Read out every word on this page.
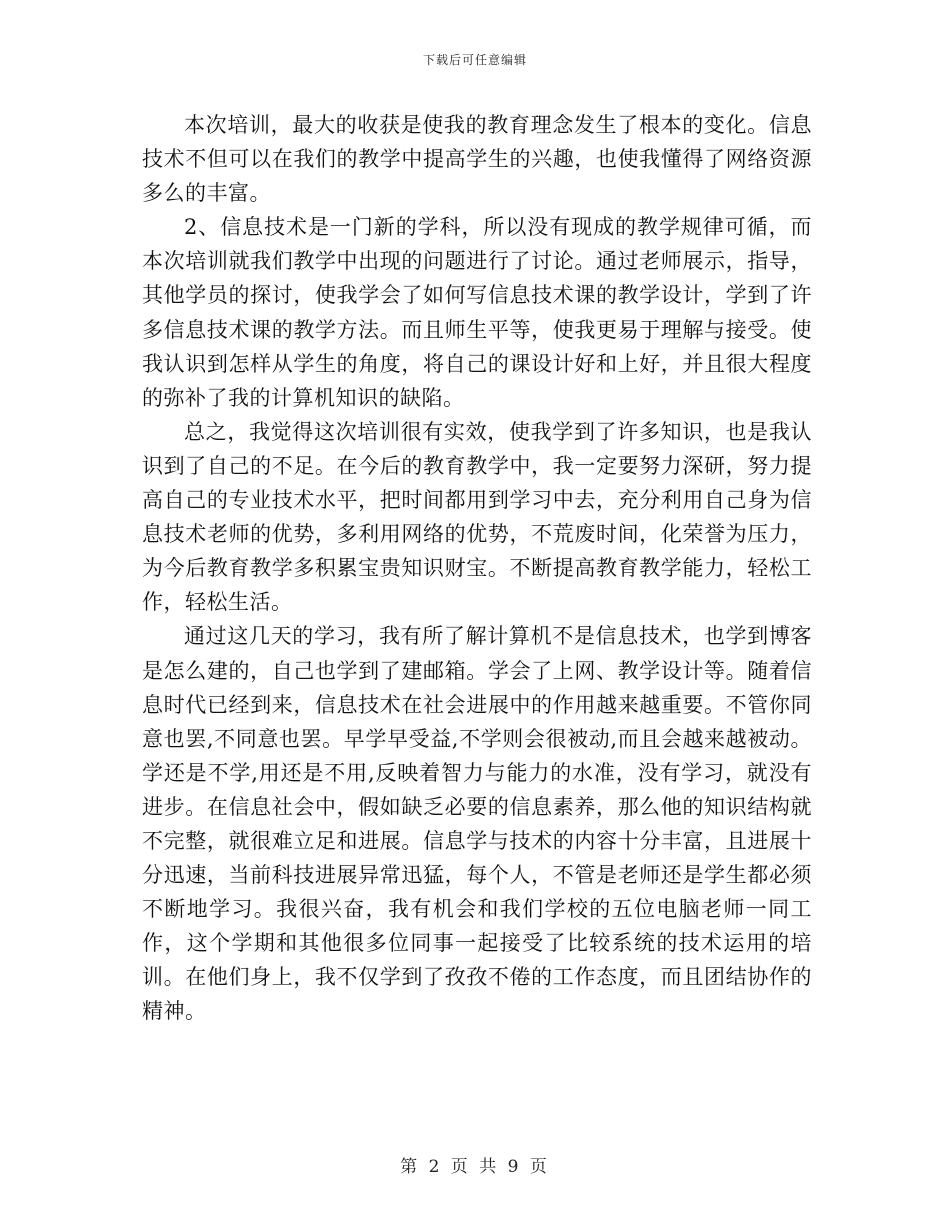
下载后可任意编辑

本次培训，最大的收获是使我的教育理念发生了根本的变化。信息技术不但可以在我们的教学中提高学生的兴趣，也使我懂得了网络资源多么的丰富。

2、信息技术是一门新的学科，所以没有现成的教学规律可循，而本次培训就我们教学中出现的问题进行了讨论。通过老师展示，指导，其他学员的探讨，使我学会了如何写信息技术课的教学设计，学到了许多信息技术课的教学方法。而且师生平等，使我更易于理解与接受。使我认识到怎样从学生的角度，将自己的课设计好和上好，并且很大程度的弥补了我的计算机知识的缺陷。

总之，我觉得这次培训很有实效，使我学到了许多知识，也是我认识到了自己的不足。在今后的教育教学中，我一定要努力深研，努力提高自己的专业技术水平，把时间都用到学习中去，充分利用自己身为信息技术老师的优势，多利用网络的优势，不荒废时间，化荣誉为压力，为今后教育教学多积累宝贵知识财宝。不断提高教育教学能力，轻松工作，轻松生活。

通过这几天的学习，我有所了解计算机不是信息技术，也学到博客是怎么建的，自己也学到了建邮箱。学会了上网、教学设计等。随着信息时代已经到来，信息技术在社会进展中的作用越来越重要。不管你同意也罢,不同意也罢。早学早受益,不学则会很被动,而且会越来越被动。学还是不学,用还是不用,反映着智力与能力的水准，没有学习，就没有进步。在信息社会中，假如缺乏必要的信息素养，那么他的知识结构就不完整，就很难立足和进展。信息学与技术的内容十分丰富，且进展十分迅速，当前科技进展异常迅猛，每个人，不管是老师还是学生都必须不断地学习。我很兴奋，我有机会和我们学校的五位电脑老师一同工作，这个学期和其他很多位同事一起接受了比较系统的技术运用的培训。在他们身上，我不仅学到了孜孜不倦的工作态度，而且团结协作的精神。

第 2 页 共 9 页
